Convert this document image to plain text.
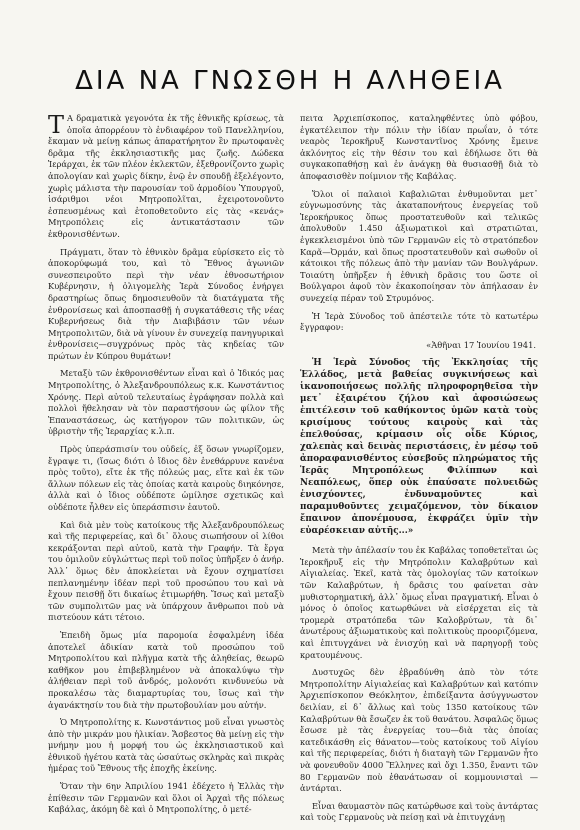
ΔΙΑ ΝΑ ΓΝΩΣΘΗ Η ΑΛΗΘΕΙΑ

Τ Α δραματικὰ γεγονότα ἐκ τῆς ἐθνικῆς κρίσεως, τὰ ὁποῖα ἀπορρέουν τὸ ἐνδιαφέρον τοῦ Πανελληνίου, ἔκαμαν νὰ μείνῃ κάπως ἀπαρατήρητον ἓν πρωτοφανὲς δρᾶμα τῆς ἐκκλησιαστικῆς μας ζωῆς. Δώδεκα Ἱεράρχαι, ἐκ τῶν πλέον ἐκλεκτῶν, ἐξεθρονίζοντο χωρὶς ἀπολογίαν καὶ χωρὶς δίκην, ἐνῷ ἐν σπουδῇ ἐξελέγοντο, χωρὶς μάλιστα τὴν παρουσίαν τοῦ ἁρμοδίου Ὑπουργοῦ, ἰσάριθμοι νέοι Μητροπολῖται, ἐχειροτονοῦντο ἐσπευσμένως καὶ ἐτοποθετοῦντο εἰς τὰς «κενάς» Μητροπόλεις εἰς ἀντικατάστασιν τῶν ἐκθρονισθέντων.

Πράγματι, ὅταν τὸ ἐθνικὸν δρᾶμα εὑρίσκετο εἰς τὸ ἀποκορύφωμά του, καὶ τὸ Ἔθνος ἀγωνιῶν συνεσπειροῦτο περὶ τὴν νέαν ἐθνοσωτήριον Κυβέρνησιν, ἡ ὀλιγομελὴς Ἱερὰ Σύνοδος ἐνήργει δραστηρίως ὅπως δημοσιευθοῦν τὰ διατάγματα τῆς ἐνθρονίσεως καὶ ἀποσπασθῇ ἡ συγκατάθεσις τῆς νέας Κυβερνήσεως διὰ τὴν Διαβιβάσιν τῶν νέων Μητροπολιτῶν, διὰ νὰ γίνουν ἐν συνεχείᾳ πανηγυρικαὶ ἐνθρονίσεις—συγχρόνως πρὸς τὰς κηδείας τῶν πρώτων ἐν Κύπρου θυμάτων!

Μεταξὺ τῶν ἐκθρονισθέντων εἶναι καὶ ὁ Ἰδικός μας Μητροπολίτης, ὁ Ἀλεξανδρουπόλεως κ.κ. Κωνστάντιος Χρόνης. Περὶ αὐτοῦ τελευταίως ἐγράφησαν πολλὰ καὶ πολλοὶ ἤθελησαν νὰ τὸν παραστήσουν ὡς φίλον τῆς Ἐπαναστάσεως, ὡς κατήγορον τῶν πολιτικῶν, ὡς ὑβριστὴν τῆς Ἱεραρχίας κ.λ.π.

Πρὸς ὑπεράσπισίν του οὐδείς, ἐξ ὅσων γνωρίζομεν, ἔγραψε τι, (ἴσως διότι ὁ ἴδιος δὲν ἐνεθάρρυνε κανένα πρὸς τοῦτο), εἴτε ἐκ τῆς πόλεώς μας, εἴτε καὶ ἐκ τῶν ἄλλων πόλεων εἰς τὰς ὁποίας κατὰ καιροὺς διηκόνησε, ἀλλὰ καὶ ὁ ἴδιος οὐδέποτε ὡμίλησε σχετικῶς καὶ οὐδέποτε ἦλθεν εἰς ὑπεράσπισιν ἑαυτοῦ.

Καὶ διὰ μὲν τοὺς κατοίκους τῆς Ἀλεξανδρουπόλεως καὶ τῆς περιφερείας, καὶ δι᾽ ὅλους σιωπήσουν οἱ λίθοι κεκράξονται περὶ αὐτοῦ, κατὰ τὴν Γραφήν. Τὰ ἔργα του ὁμιλοῦν εὐγλώττως περὶ τοῦ ποῖος ὑπῆρξεν ὁ ἀνήρ. Ἀλλ᾽ ὅμως δὲν ἀποκλείεται νὰ ἔχουν σχηματίσει πεπλανημένην ἰδέαν περὶ τοῦ προσώπου του καὶ νὰ ἔχουν πεισθῇ ὅτι δικαίως ἐτιμωρήθη. Ἴσως καὶ μεταξὺ τῶν συμπολιτῶν μας νὰ ὑπάρχουν ἄνθρωποι ποὺ νὰ πιστεύουν κάτι τέτοιο.

Ἐπειδὴ ὅμως μία παρομοία ἐσφαλμένη ἰδέα ἀποτελεῖ ἀδικίαν κατὰ τοῦ προσώπου τοῦ Μητροπολίτου καὶ πλῆγμα κατὰ τῆς ἀληθείας, θεωρῶ καθῆκον μου ἐπιβεβλημένον νὰ ἀποκαλύψω τὴν ἀλήθειαν περὶ τοῦ ἀνδρός, μολονότι κινδυνεύω νὰ προκαλέσω τὰς διαμαρτυρίας του, ἴσως καὶ τὴν ἀγανάκτησίν του διὰ τὴν πρωτοβουλίαν μου αὐτήν.

Ὁ Μητροπολίτης κ. Κωνστάντιος μοῦ εἶναι γνωστὸς ἀπὸ τὴν μικράν μου ἡλικίαν. Ἄσβεστος θὰ μείνῃ εἰς τὴν μνήμην μου ἡ μορφή του ὡς ἐκκλησιαστικοῦ καὶ ἐθνικοῦ ἡγέτου κατὰ τὰς ὡσαύτως σκληρὰς καὶ πικρὰς ἡμέρας τοῦ Ἔθνους τῆς ἐποχῆς ἐκείνης.

Ὅταν τὴν 6ην Ἀπριλίου 1941 ἐδέχετο ἡ Ἑλλὰς τὴν ἐπίθεσιν τῶν Γερμανῶν καὶ ὅλοι οἱ Ἀρχαὶ τῆς πόλεως Καβάλας, ἀκόμη δὲ καὶ ὁ Μητροπολίτης, ὁ μετέ-

πειτα Ἀρχιεπίσκοπος, καταληφθέντες ὑπὸ φόβου, ἐγκατέλειπον τὴν πόλιν τὴν ἰδίαν πρωΐαν, ὁ τότε νεαρὸς Ἱεροκῆρυξ Κωνσταντῖνος Χρόνης ἔμεινε ἀκλόνητος εἰς τὴν θέσιν του καὶ ἐδήλωσε ὅτι θὰ συγκακοπαθήσῃ καὶ ἐν ἀνάγκῃ θὰ θυσιασθῇ διὰ τὸ ἀποφασισθὲν ποίμνιον τῆς Καβάλας.

Ὅλοι οἱ παλαιοὶ Καβαλιῶται ἐνθυμοῦνται μετ᾽ εὐγνωμοσύνης τὰς ἀκαταπονήτους ἐνεργείας τοῦ Ἱεροκήρυκος ὅπως προστατευθοῦν καὶ τελικῶς ἀπολυθοῦν 1.450 ἀξιωματικοὶ καὶ στρατιῶται, ἐγκεκλεισμένοι ὑπὸ τῶν Γερμανῶν εἰς τὸ στρατόπεδον Καρᾶ—Ὀρμάν, καὶ ὅπως προστατευθοῦν καὶ σωθοῦν οἱ κάτοικοι τῆς πόλεως ἀπὸ τὴν μανίαν τῶν Βουλγάρων. Τοιαύτη ὑπῆρξεν ἡ ἐθνικὴ δρᾶσις του ὥστε οἱ Βούλγαροι ἀφοῦ τὸν ἐκακοποίησαν τὸν ἀπήλασαν ἐν συνεχείᾳ πέραν τοῦ Στρυμόνος.

Ἡ Ἱερὰ Σύνοδος τοῦ ἀπέστειλε τότε τὸ κατωτέρω ἔγγραφον:

«Ἀθῆναι 17 Ἰουνίου 1941.

Ἡ Ἱερὰ Σύνοδος τῆς Ἐκκλησίας τῆς Ἑλλάδος, μετὰ βαθείας συγκινήσεως καὶ ἱκανοποιήσεως πολλῆς πληροφορηθεῖσα τὴν μετ᾽ ἐξαιρέτου ζήλου καὶ ἀφοσιώσεως ἐπιτέλεσιν τοῦ καθήκοντος ὑμῶν κατὰ τοὺς κρισίμους τούτους καιροὺς καὶ τὰς ἐπελθούσας, κρίμασιν οἷς οἶδε Κύριος, χαλεπὰς καὶ δεινὰς περιστάσεις, ἐν μέσῳ τοῦ ἀποραφανισθέντος εὐσεβοῦς πληρώματος τῆς Ἱερᾶς Μητροπόλεως Φιλίππων καὶ Νεαπόλεως, ὅπερ οὐκ ἐπαύσατε πολυειδῶς ἐνισχύοντες, ἐνδυναμοῦντες καὶ παραμυθοῦντες χειμαζόμενον, τὸν δίκαιον ἔπαινον ἀπονέμουσα, ἐκφράζει ὑμῖν τὴν εὐαρέσκειαν αὐτῆς...»

Μετὰ τὴν ἀπέλασίν του ἐκ Καβάλας τοποθετεῖται ὡς Ἱεροκῆρυξ εἰς τὴν Μητρόπολιν Καλαβρύτων καὶ Αἰγιαλείας. Ἐκεῖ, κατὰ τὰς ὁμολογίας τῶν κατοίκων τῶν Καλαβρύτων, ἡ δρᾶσις του φαίνεται σὰν μυθιστορηματική, ἀλλ᾽ ὅμως εἶναι πραγματική. Εἶναι ὁ μόνος ὁ ὁποῖος κατωρθώνει νὰ εἰσέρχεται εἰς τὰ τρομερὰ στρατόπεδα τῶν Καλοβρύτων, τὰ δι᾽ ἀνωτέρους ἀξιωματικοὺς καὶ πολιτικοὺς προοριζόμενα, καὶ ἐπιτυγχάνει νὰ ἐνισχύῃ καὶ νὰ παρηγορῇ τοὺς κρατουμένους.

Δυστυχῶς δὲν ἐβραδύνθη ἀπὸ τὸν τότε Μητροπολίτην Αἰγιαλείας καὶ Καλαβρύτων καὶ κατόπιν Ἀρχιεπίσκοπον Θεόκλητον, ἐπιδείξαντα ἀσύγγνωστον δειλίαν, εἰ δ᾽ ἄλλως καὶ τοὺς 1350 κατοίκους τῶν Καλαβρύτων θὰ ἔσωζεν ἐκ τοῦ θανάτου. Ἀσφαλῶς ὅμως ἔσωσε μὲ τὰς ἐνεργείας του—διὰ τὰς ὁποίας κατεδικάσθη εἰς θάνατον—τοὺς κατοίκους τοῦ Αἰγίου καὶ τῆς περιφερείας, διότι ἡ διαταγὴ τῶν Γερμανῶν ἦτο νὰ φονευθοῦν 4000 Ἕλληνες καὶ ὄχι 1.350, ἔναντι τῶν 80 Γερμανῶν ποὺ ἐθανάτωσαν οἱ κομμουνισταὶ — ἀντάρται.

Εἶναι θαυμαστὸν πῶς κατώρθωσε καὶ τοὺς ἀντάρτας καὶ τοὺς Γερμανοὺς νὰ πείσῃ καὶ νὰ ἐπιτυγχάνῃ
